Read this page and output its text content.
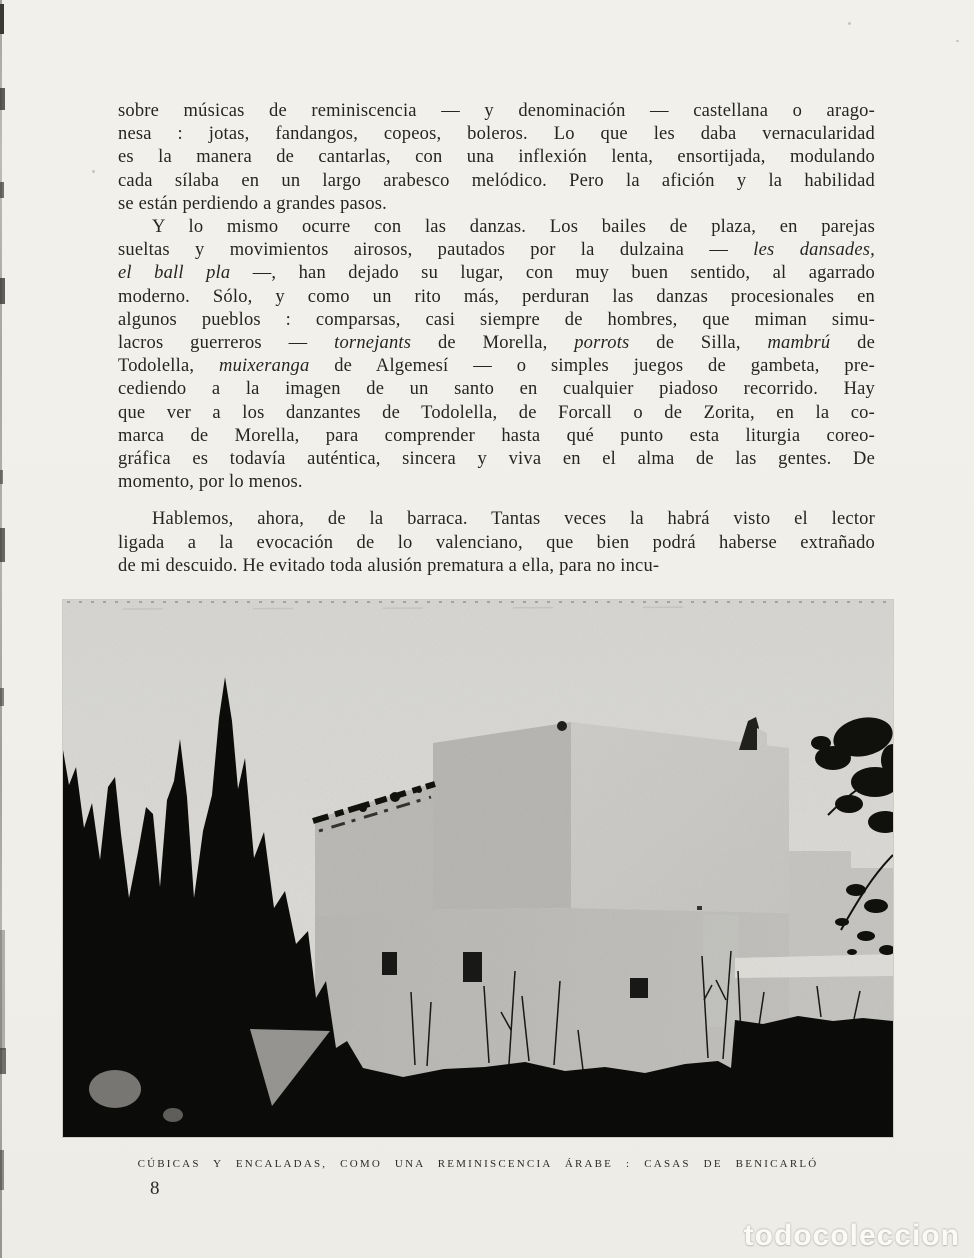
sobre músicas de reminiscencia — y denominación — castellana o arago-
nesa : jotas, fandangos, copeos, boleros. Lo que les daba vernacularidad
es la manera de cantarlas, con una inflexión lenta, ensortijada, modulando
cada sílaba en un largo arabesco melódico. Pero la afición y la habilidad
se están perdiendo a grandes pasos.
Y lo mismo ocurre con las danzas. Los bailes de plaza, en parejas
sueltas y movimientos airosos, pautados por la dulzaina — les dansades,
el ball pla —, han dejado su lugar, con muy buen sentido, al agarrado
moderno. Sólo, y como un rito más, perduran las danzas procesionales en
algunos pueblos : comparsas, casi siempre de hombres, que miman simu-
lacros guerreros — tornejants de Morella, porrots de Silla, mambrú de
Todolella, muixeranga de Algemesí — o simples juegos de gambeta, pre-
cediendo a la imagen de un santo en cualquier piadoso recorrido. Hay
que ver a los danzantes de Todolella, de Forcall o de Zorita, en la co-
marca de Morella, para comprender hasta qué punto esta liturgia coreo-
gráfica es todavía auténtica, sincera y viva en el alma de las gentes. De
momento, por lo menos.
Hablemos, ahora, de la barraca. Tantas veces la habrá visto el lector
ligada a la evocación de lo valenciano, que bien podrá haberse extrañado
de mi descuido. He evitado toda alusión prematura a ella, para no incu-
CÚBICAS Y ENCALADAS, COMO UNA REMINISCENCIA ÁRABE : CASAS DE BENICARLÓ
8
todocoleccion
